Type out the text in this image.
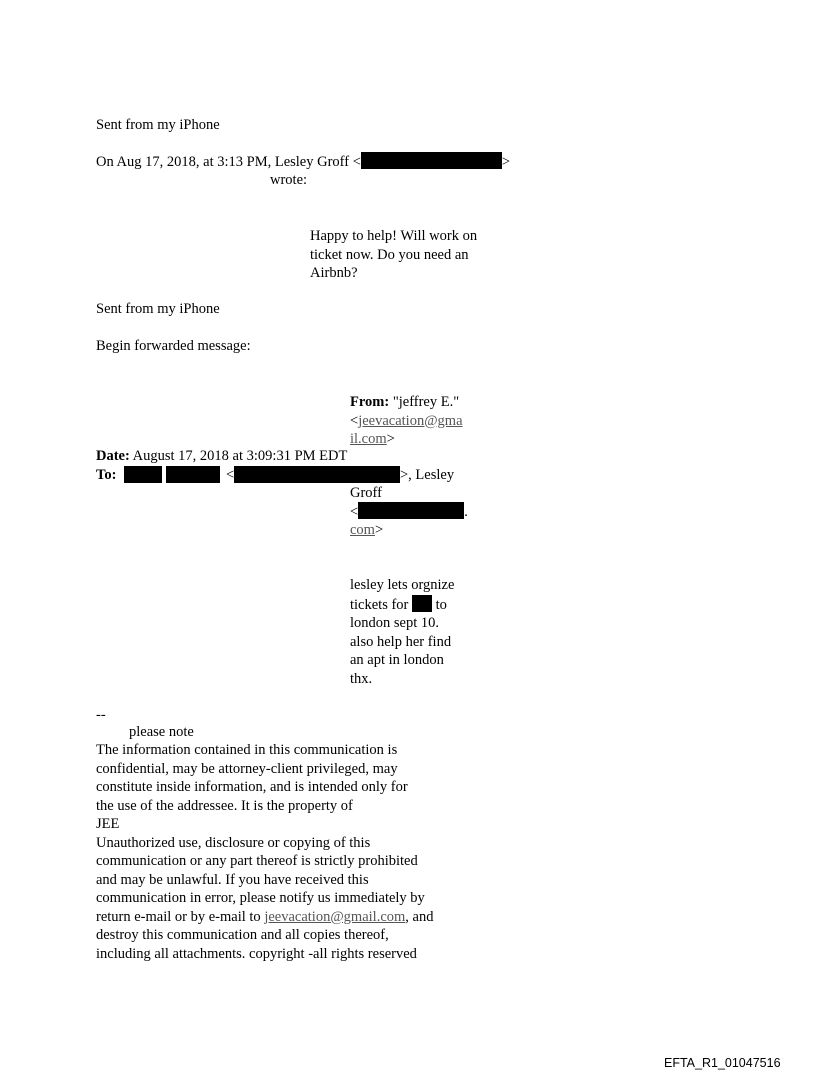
Sent from my iPhone
On Aug 17, 2018, at 3:13 PM, Lesley Groff <	>
wrote:
Happy to help! Will work on
ticket now. Do you need an
Airbnb?
Sent from my iPhone
Begin forwarded message:
From: "jeffrey E."
<jeevacation@gma
il.com>
Date: August 17, 2018 at 3:09:31 PM EDT
To:	<	>, Lesley
Groff
<	.
com>
lesley lets orgnize
tickets for to
london sept 10.
also help her find
an apt in london
thx.
--
please note
The information contained in this communication is
confidential, may be attorney-client privileged, may
constitute inside information, and is intended only for
the use of the addressee. It is the property of
JEE
Unauthorized use, disclosure or copying of this
communication or any part thereof is strictly prohibited
and may be unlawful. If you have received this
communication in error, please notify us immediately by
return e-mail or by e-mail to jeevacation@gmail.com, and
destroy this communication and all copies thereof,
including all attachments. copyright -all rights reserved
EFTA_R1_01047516
